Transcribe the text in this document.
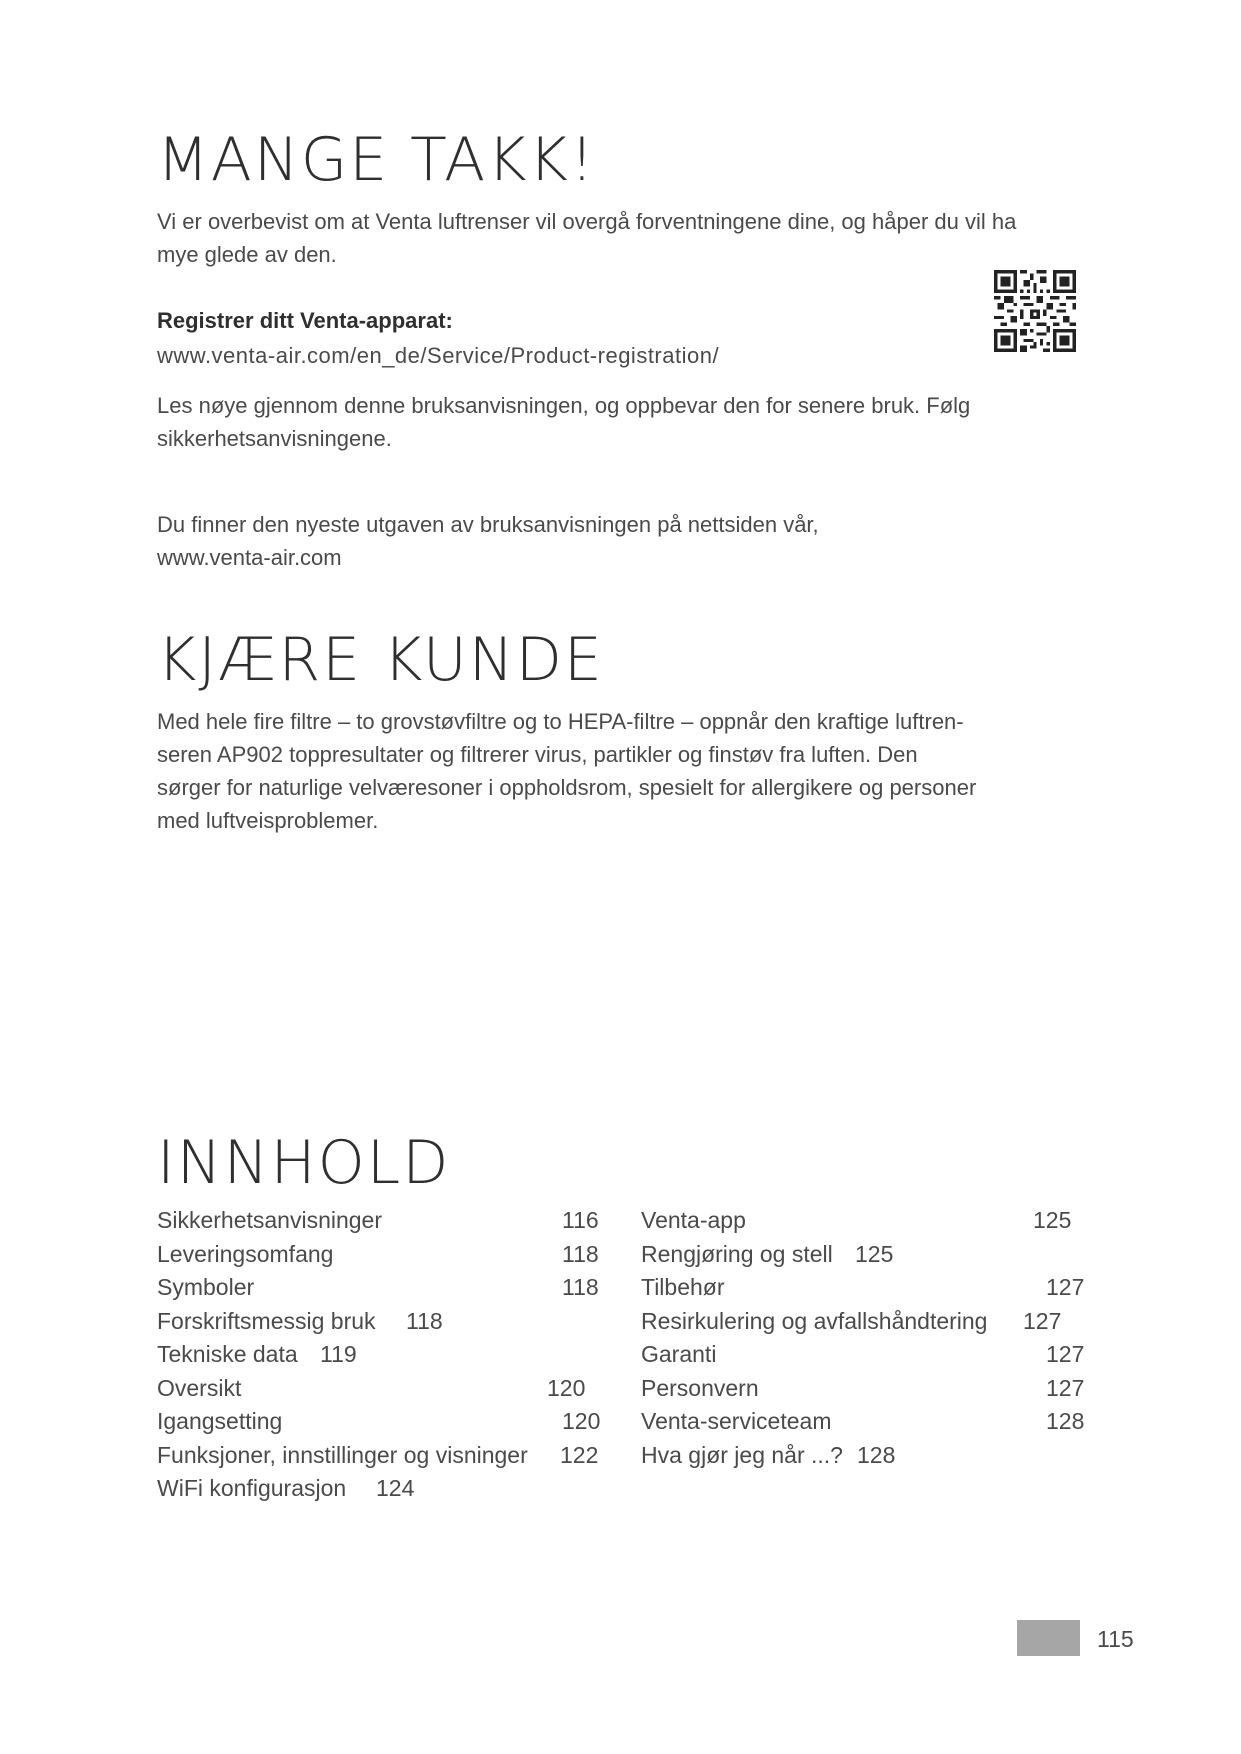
MANGE TAKK!
Vi er overbevist om at Venta luftrenser vil overgå forventningene dine, og håper du vil ha mye glede av den.
Registrer ditt Venta-apparat:
www.venta-air.com/en_de/Service/Product-registration/
Les nøye gjennom denne bruksanvisningen, og oppbevar den for senere bruk. Følg sikkerhetsanvisningene.
Du finner den nyeste utgaven av bruksanvisningen på nettsiden vår,
www.venta-air.com
KJÆRE KUNDE
Med hele fire filtre – to grovstøvfiltre og to HEPA-filtre – oppnår den kraftige luftren-
seren AP902 toppresultater og filtrerer virus, partikler og finstøv fra luften. Den
sørger for naturlige velværesoner i oppholdsrom, spesielt for allergikere og personer
med luftveisproblemer.
INNHOLD
Sikkerhetsanvisninger	116
Leveringsomfang	118
Symboler	118
Forskriftsmessig bruk 118
Tekniske data 119
Oversikt	120
Igangsetting	120
Funksjoner, innstillinger og visninger 122
WiFi konfigurasjon 124
Venta-app	125
Rengjøring og stell 125
Tilbehør	127
Resirkulering og avfallshåndtering 127
Garanti	127
Personvern	127
Venta-serviceteam	128
Hva gjør jeg når ...? 128
115
